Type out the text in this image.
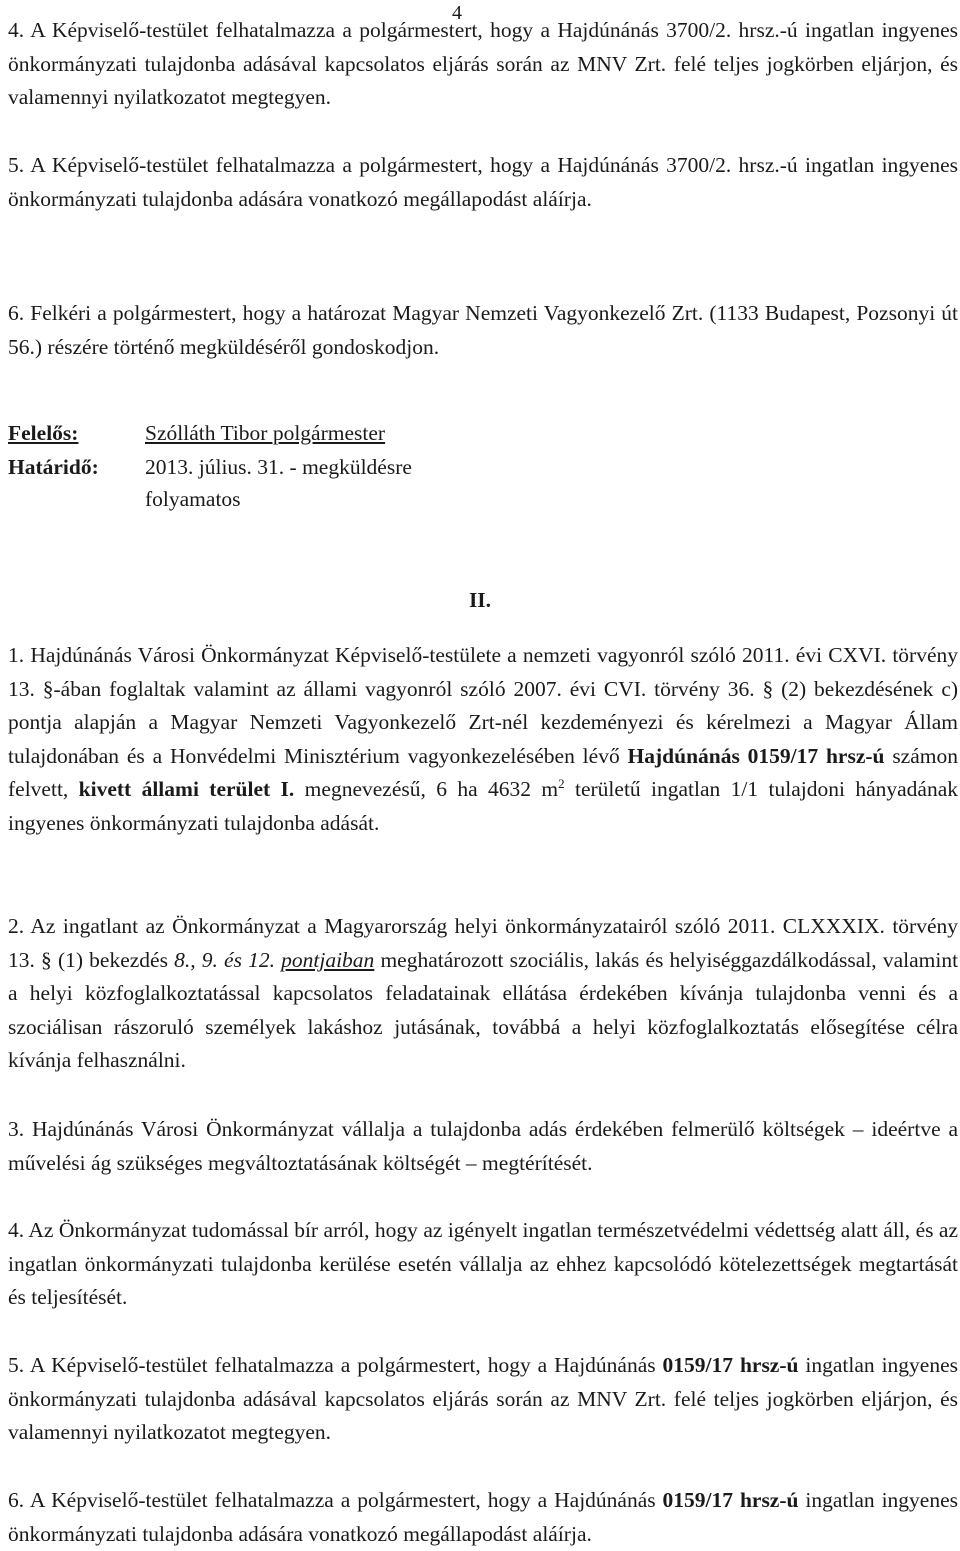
4

4. A Képviselő-testület felhatalmazza a polgármestert, hogy a Hajdúnánás 3700/2. hrsz.-ú ingatlan ingyenes önkormányzati tulajdonba adásával kapcsolatos eljárás során az MNV Zrt. felé teljes jogkörben eljárjon, és valamennyi nyilatkozatot megtegyen.

5. A Képviselő-testület felhatalmazza a polgármestert, hogy a Hajdúnánás 3700/2. hrsz.-ú ingatlan ingyenes önkormányzati tulajdonba adására vonatkozó megállapodást aláírja.

6. Felkéri a polgármestert, hogy a határozat Magyar Nemzeti Vagyonkezelő Zrt. (1133 Budapest, Pozsonyi út 56.) részére történő megküldéséről gondoskodjon.

Felelős:	Szólláth Tibor polgármester
Határidő: 2013. július. 31. - megküldésre
folyamatos
II.

1. Hajdúnánás Városi Önkormányzat Képviselő-testülete a nemzeti vagyonról szóló 2011. évi CXVI. törvény 13. §-ában foglaltak valamint az állami vagyonról szóló 2007. évi CVI. törvény 36. § (2) bekezdésének c) pontja alapján a Magyar Nemzeti Vagyonkezelő Zrt-nél kezdeményezi és kérelmezi a Magyar Állam tulajdonában és a Honvédelmi Minisztérium vagyonkezelésében lévő Hajdúnánás 0159/17 hrsz-ú számon felvett, kivett állami terület I. megnevezésű, 6 ha 4632 $m^2$ területű ingatlan 1/1 tulajdoni hányadának ingyenes önkormányzati tulajdonba adását.

2. Az ingatlant az Önkormányzat a Magyarország helyi önkormányzatairól szóló 2011. CLXXXIX. törvény 13. § (1) bekezdés 8., 9. és 12. pontjaiban meghatározott szociális, lakás és helyiséggazdálkodással, valamint a helyi közfoglalkoztatással kapcsolatos feladatainak ellátása érdekében kívánja tulajdonba venni és a szociálisan rászoruló személyek lakáshoz jutásának, továbbá a helyi közfoglalkoztatás elősegítése célra kívánja felhasználni.

3. Hajdúnánás Városi Önkormányzat vállalja a tulajdonba adás érdekében felmerülő költségek – ideértve a művelési ág szükséges megváltoztatásának költségét – megtérítését.

4. Az Önkormányzat tudomással bír arról, hogy az igényelt ingatlan természetvédelmi védettség alatt áll, és az ingatlan önkormányzati tulajdonba kerülése esetén vállalja az ehhez kapcsolódó kötelezettségek megtartását és teljesítését.

5. A Képviselő-testület felhatalmazza a polgármestert, hogy a Hajdúnánás 0159/17 hrsz-ú ingatlan ingyenes önkormányzati tulajdonba adásával kapcsolatos eljárás során az MNV Zrt. felé teljes jogkörben eljárjon, és valamennyi nyilatkozatot megtegyen.

6. A Képviselő-testület felhatalmazza a polgármestert, hogy a Hajdúnánás 0159/17 hrsz-ú ingatlan ingyenes önkormányzati tulajdonba adására vonatkozó megállapodást aláírja.
